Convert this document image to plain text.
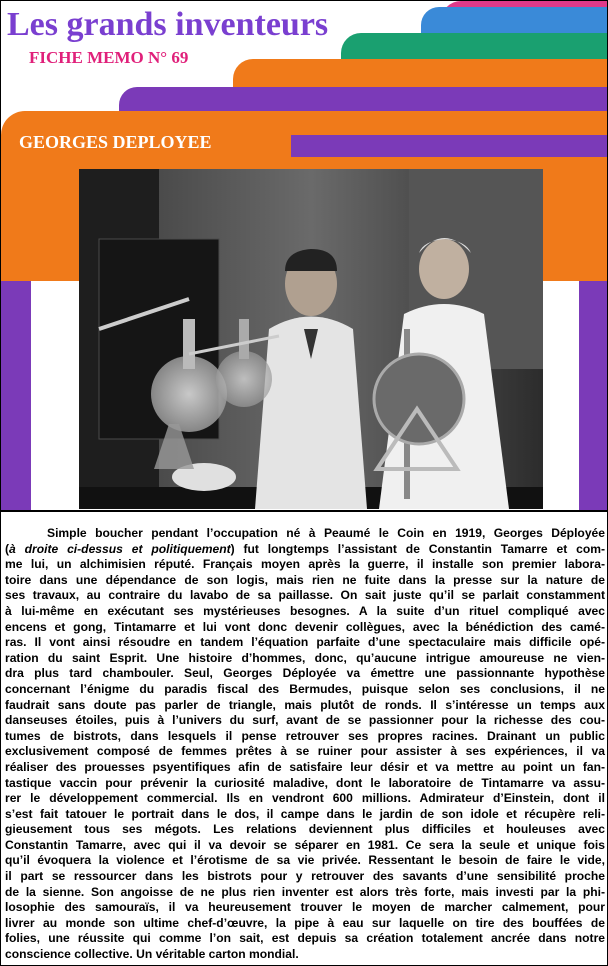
Les grands inventeurs
FICHE MEMO N° 69
GEORGES DEPLOYEE
Simple boucher pendant l’occupation né à Peaumé le Coin en 1919, Georges Déployée
(à droite ci-dessus et politiquement) fut longtemps l’assistant de Constantin Tamarre et com-
me lui, un alchimisien réputé. Français moyen après la guerre, il installe son premier labora-
toire dans une dépendance de son logis, mais rien ne fuite dans la presse sur la nature de
ses travaux, au contraire du lavabo de sa paillasse. On sait juste qu’il se parlait constamment
à lui-même en exécutant ses mystérieuses besognes. A la suite d’un rituel compliqué avec
encens et gong, Tintamarre et lui vont donc devenir collègues, avec la bénédiction des camé-
ras. Il vont ainsi résoudre en tandem l’équation parfaite d’une spectaculaire mais difficile opé-
ration du saint Esprit. Une histoire d’hommes, donc, qu’aucune intrigue amoureuse ne vien-
dra plus tard chambouler. Seul, Georges Déployée va émettre une passionnante hypothèse
concernant l’énigme du paradis fiscal des Bermudes, puisque selon ses conclusions, il ne
faudrait sans doute pas parler de triangle, mais plutôt de ronds. Il s’intéresse un temps aux
danseuses étoiles, puis à l’univers du surf, avant de se passionner pour la richesse des cou-
tumes de bistrots, dans lesquels il pense retrouver ses propres racines. Drainant un public
exclusivement composé de femmes prêtes à se ruiner pour assister à ses expériences, il va
réaliser des prouesses psyentifiques afin de satisfaire leur désir et va mettre au point un fan-
tastique vaccin pour prévenir la curiosité maladive, dont le laboratoire de Tintamarre va assu-
rer le développement commercial. Ils en vendront 600 millions. Admirateur d’Einstein, dont il
s’est fait tatouer le portrait dans le dos, il campe dans le jardin de son idole et récupère reli-
gieusement tous ses mégots. Les relations deviennent plus difficiles et houleuses avec
Constantin Tamarre, avec qui il va devoir se séparer en 1981. Ce sera la seule et unique fois
qu’il évoquera la violence et l’érotisme de sa vie privée. Ressentant le besoin de faire le vide,
il part se ressourcer dans les bistrots pour y retrouver des savants d’une sensibilité proche
de la sienne. Son angoisse de ne plus rien inventer est alors très forte, mais investi par la phi-
losophie des samouraïs, il va heureusement trouver le moyen de marcher calmement, pour
livrer au monde son ultime chef-d’œuvre, la pipe à eau sur laquelle on tire des bouffées de
folies, une réussite qui comme l’on sait, est depuis sa création totalement ancrée dans notre
conscience collective. Un véritable carton mondial.
